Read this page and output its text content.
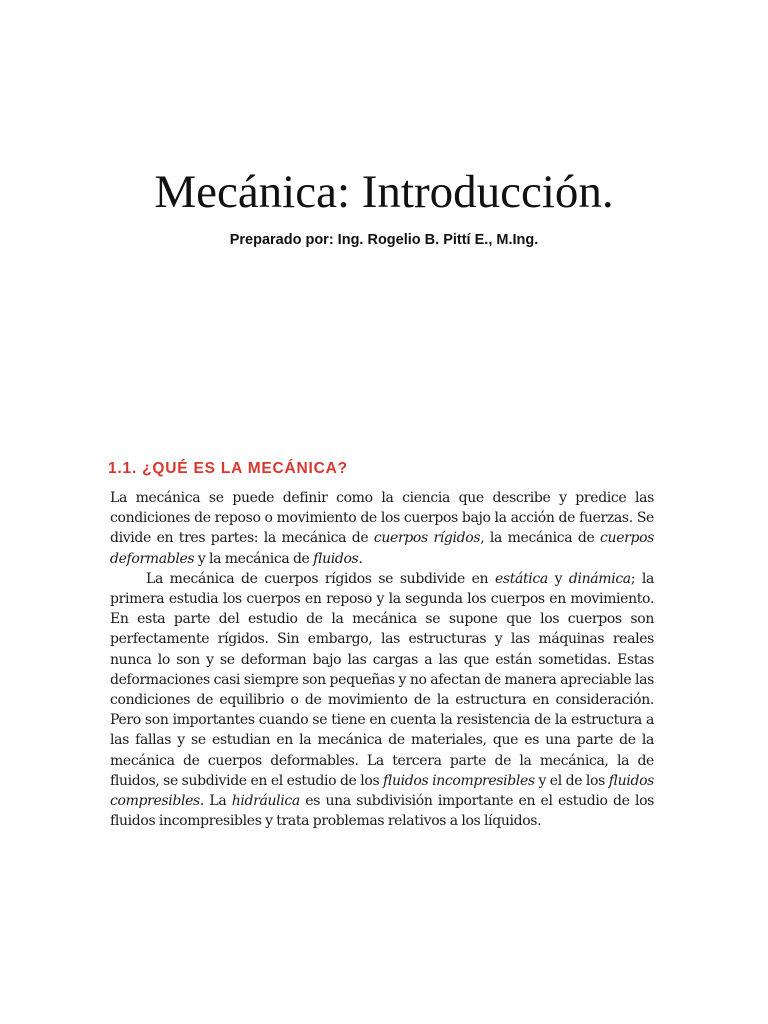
Mecánica: Introducción.
Preparado por: Ing. Rogelio B. Pittí E., M.Ing.
1.1. ¿QUÉ ES LA MECÁNICA?

La mecánica se puede definir como la ciencia que describe y predice las condiciones de reposo o movimiento de los cuerpos bajo la acción de fuerzas. Se divide en tres partes: la mecánica de cuerpos rígidos, la mecánica de cuerpos deformables y la mecánica de fluidos.

La mecánica de cuerpos rígidos se subdivide en estática y dinámica; la primera estudia los cuerpos en reposo y la segunda los cuerpos en movimiento. En esta parte del estudio de la mecánica se supone que los cuerpos son perfectamente rígidos. Sin embargo, las estructuras y las máquinas reales nunca lo son y se deforman bajo las cargas a las que están sometidas. Estas deformaciones casi siempre son pequeñas y no afectan de manera apreciable las condiciones de equilibrio o de movimiento de la estructura en consideración. Pero son importantes cuando se tiene en cuenta la resistencia de la estructura a las fallas y se estudian en la mecánica de materiales, que es una parte de la mecánica de cuerpos deformables. La tercera parte de la mecánica, la de fluidos, se subdivide en el estudio de los fluidos incompresibles y el de los fluidos compresibles. La hidráulica es una subdivisión importante en el estudio de los fluidos incompresibles y trata problemas relativos a los líquidos.
